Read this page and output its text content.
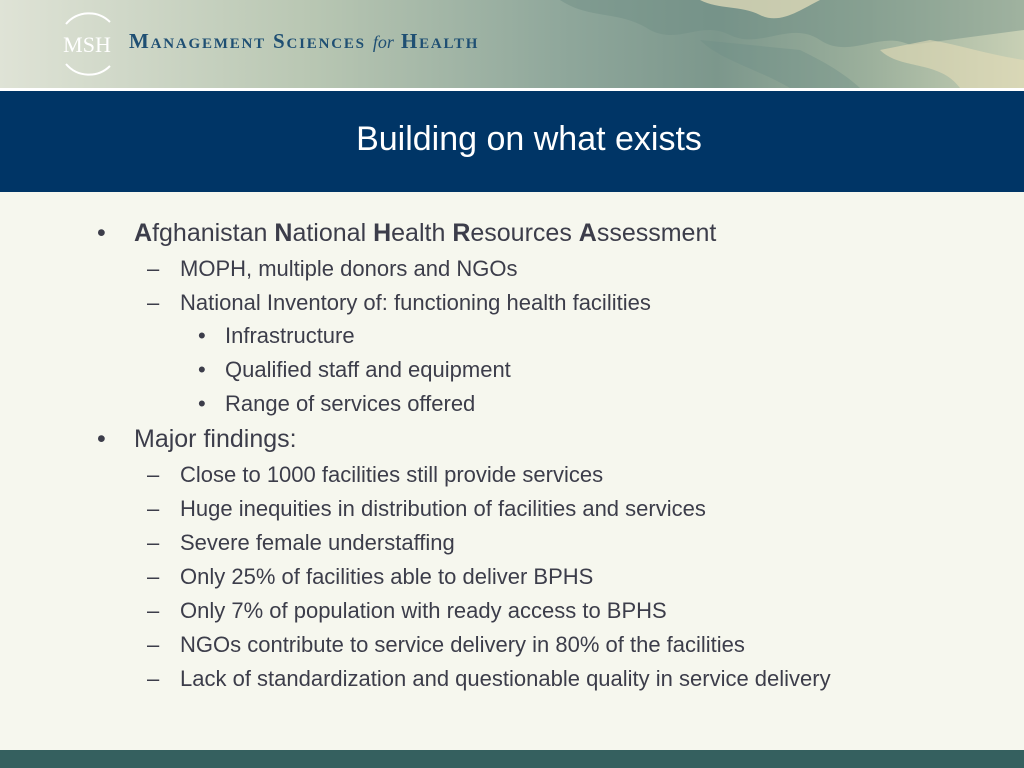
MSH Management Sciences for Health
Building on what exists
• Afghanistan National Health Resources Assessment
– MOPH, multiple donors and NGOs
– National Inventory of: functioning health facilities
• Infrastructure
• Qualified staff and equipment
• Range of services offered
• Major findings:
– Close to 1000 facilities still provide services
– Huge inequities in distribution of facilities and services
– Severe female understaffing
– Only 25% of facilities able to deliver BPHS
– Only 7% of population with ready access to BPHS
– NGOs contribute to service delivery in 80% of the facilities
– Lack of standardization and questionable quality in service delivery
